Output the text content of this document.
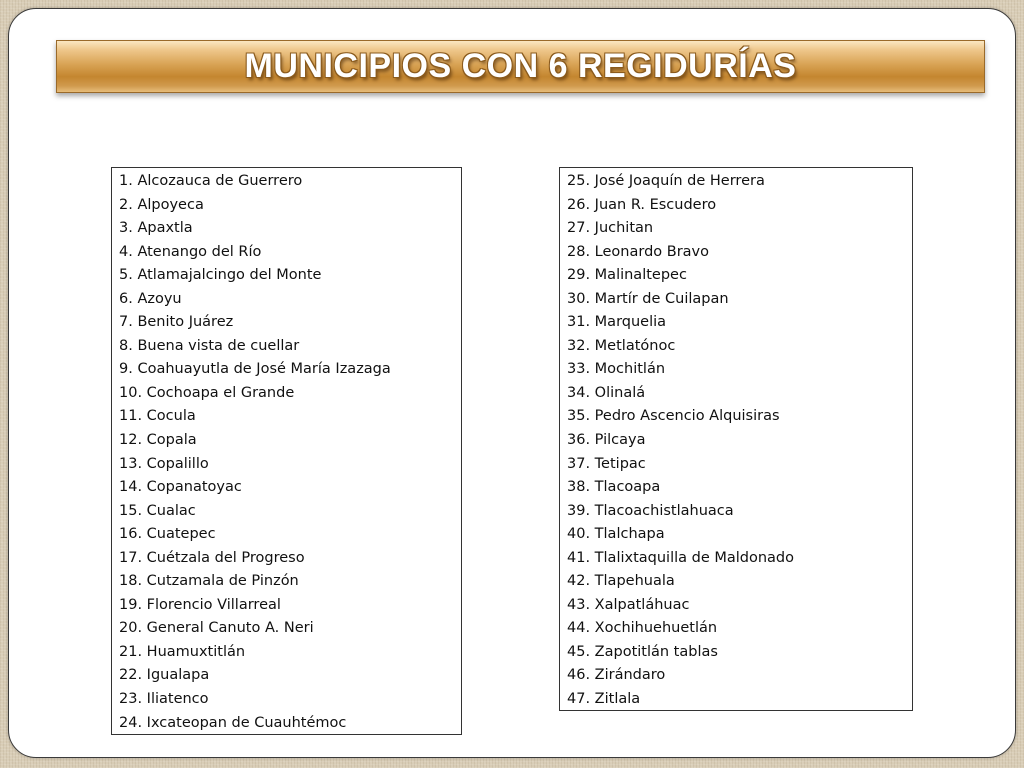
MUNICIPIOS CON 6 REGIDURÍAS
1. Alcozauca de Guerrero
2. Alpoyeca
3. Apaxtla
4. Atenango del Río
5. Atlamajalcingo del Monte
6. Azoyu
7. Benito Juárez
8. Buena vista de cuellar
9. Coahuayutla de José María Izazaga
10. Cochoapa el Grande
11. Cocula
12. Copala
13. Copalillo
14. Copanatoyac
15. Cualac
16. Cuatepec
17. Cuétzala del Progreso
18. Cutzamala de Pinzón
19. Florencio Villarreal
20. General Canuto A. Neri
21. Huamuxtitlán
22. Igualapa
23. Iliatenco
24. Ixcateopan de Cuauhtémoc
25. José Joaquín de Herrera
26. Juan R. Escudero
27. Juchitan
28. Leonardo Bravo
29. Malinaltepec
30. Martír de Cuilapan
31. Marquelia
32. Metlatónoc
33. Mochitlán
34. Olinalá
35. Pedro Ascencio Alquisiras
36. Pilcaya
37. Tetipac
38. Tlacoapa
39. Tlacoachistlahuaca
40. Tlalchapa
41. Tlalixtaquilla de Maldonado
42. Tlapehuala
43. Xalpatláhuac
44. Xochihuehuetlán
45. Zapotitlán tablas
46. Zirándaro
47. Zitlala
